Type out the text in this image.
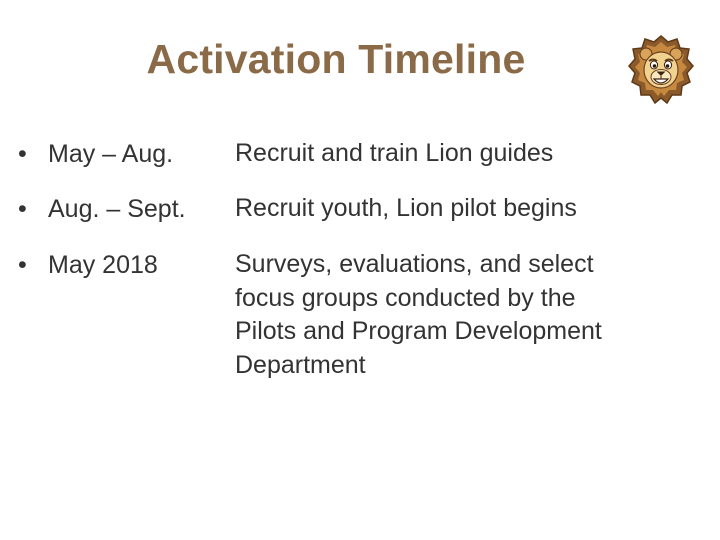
Activation Timeline
• May – Aug. Recruit and train Lion guides
• Aug. – Sept. Recruit youth, Lion pilot begins
• May 2018	Surveys, evaluations, and select focus groups conducted by the Pilots and Program Development Department
